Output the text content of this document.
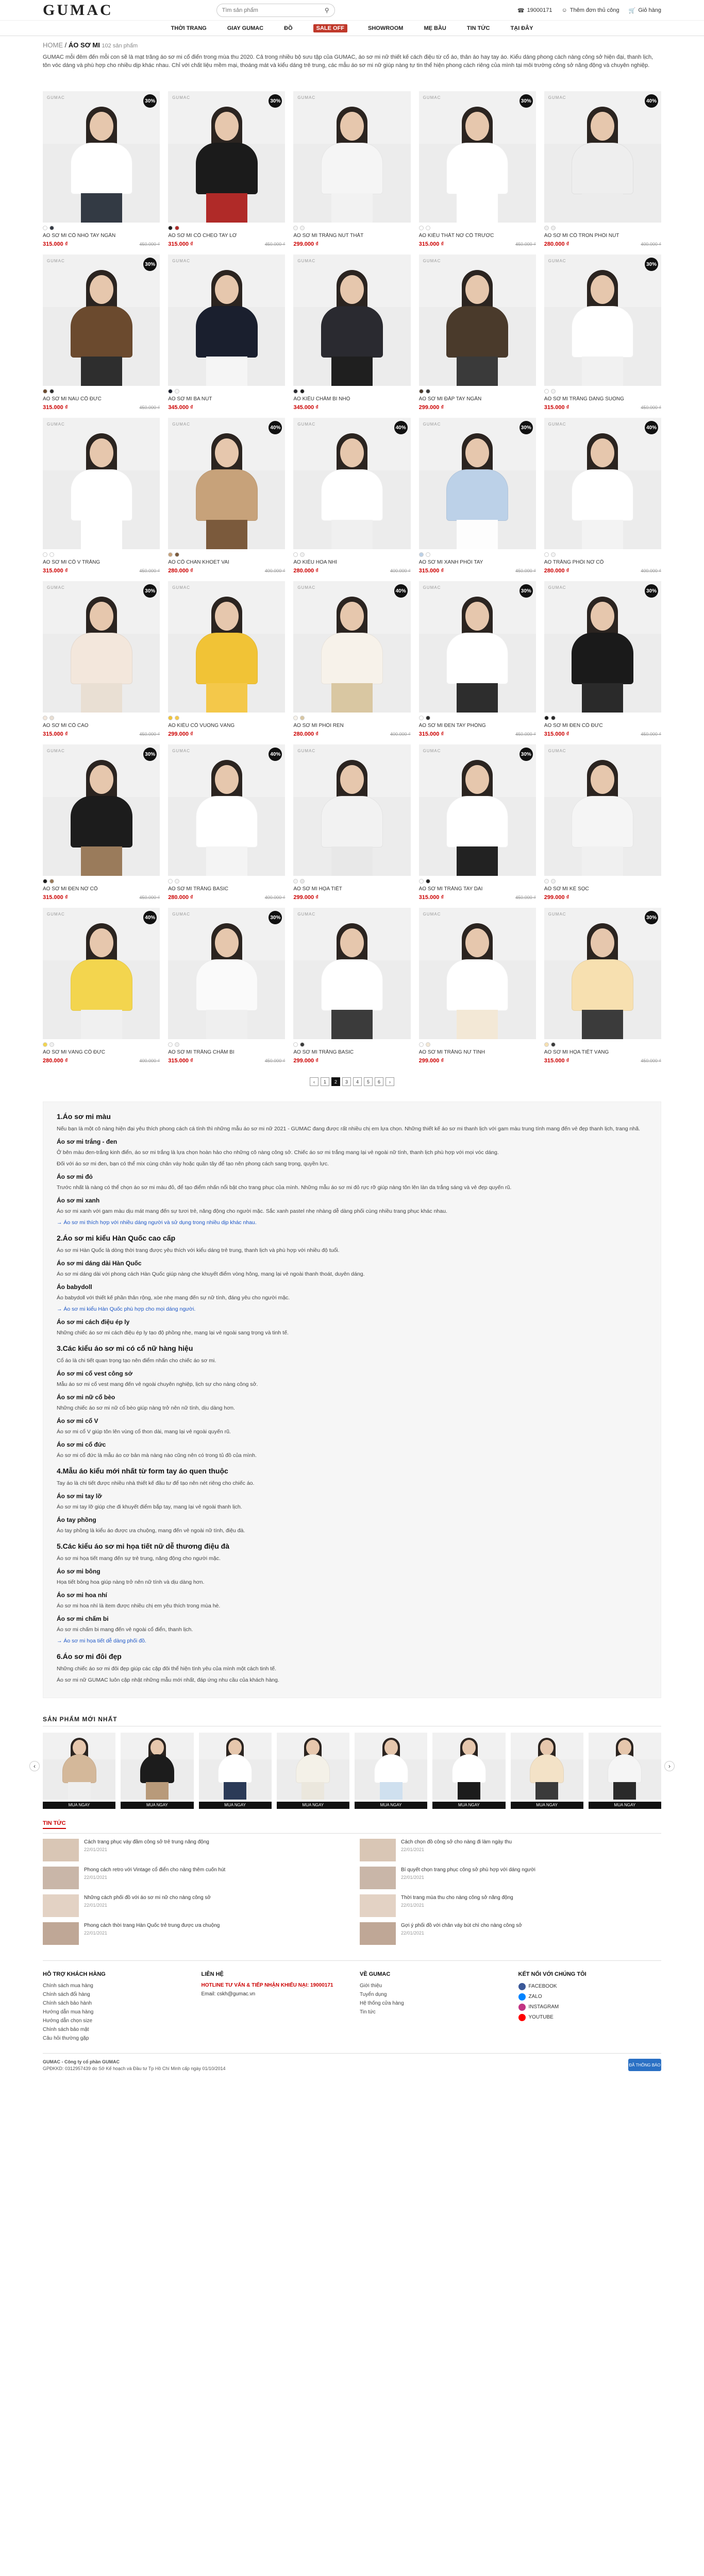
GUMAC
Tìm sản phẩm	⚲	☎ 19000171 ☺ Thêm đơn thủ công 🛒 Giỏ hàng
THỜI TRANG	GIAY GUMAC	ĐỒ	SALE OFF	SHOWROOM	MẸ BẦU	TIN TỨC	TẠI ĐÂY
HOME / ÁO SƠ MI 102 sản phẩm

GUMAC mỗi đêm đến mỗi con sẽ là mạt trăng áo sơ mi cổ điển trong mùa thu 2020. Cả trong nhiều bộ sưu tập của GUMAC, áo sơ mi nữ thiết kế cách điệu từ cổ áo, thân áo hay tay áo. Kiểu dáng phong cách nàng công sở hiện đại, thanh lịch, tôn vóc dáng và phù hợp cho nhiều dịp khác nhau. Chỉ với chất liệu mềm mại, thoáng mát và kiểu dáng trẻ trung, các mẫu áo sơ mi nữ giúp nàng tự tin thể hiện phong cách riêng của mình tại môi trường công sở năng động và chuyên nghiệp.

GUMAC
30%
ÁO SƠ MI CỔ NHỎ TAY NGẮN
315.000 ₫	450.000 ₫
GUMAC
30%
ÁO SƠ MI CỔ CHÉO TAY LỠ
315.000 ₫	450.000 ₫
GUMAC
ÁO SƠ MI TRẮNG NÚT THẮT
299.000 ₫
GUMAC
30%
ÁO KIỂU THẮT NƠ CỔ TRƯỚC
315.000 ₫	450.000 ₫
GUMAC
40%
ÁO SƠ MI CỔ TRÒN PHỐI NÚT
280.000 ₫	400.000 ₫
GUMAC
30%
ÁO SƠ MI NÂU CỔ ĐỨC
315.000 ₫	450.000 ₫
GUMAC
ÁO SƠ MI BA NÚT
345.000 ₫
GUMAC
ÁO KIỂU CHẤM BI NHỎ
345.000 ₫
GUMAC
ÁO SƠ MI ĐẮP TAY NGẮN
299.000 ₫
GUMAC
30%
ÁO SƠ MI TRẮNG DÁNG SUÔNG
315.000 ₫	450.000 ₫
GUMAC
ÁO SƠ MI CỔ V TRẮNG
315.000 ₫	450.000 ₫
GUMAC
40%
ÁO CỔ CHÂN KHOÉT VAI
280.000 ₫	400.000 ₫
GUMAC
40%
ÁO KIỂU HOA NHÍ
280.000 ₫	400.000 ₫
GUMAC
30%
ÁO SƠ MI XANH PHỐI TAY
315.000 ₫	450.000 ₫
GUMAC
40%
ÁO TRẮNG PHỐI NƠ CỔ
280.000 ₫	400.000 ₫
GUMAC
30%
ÁO SƠ MI CỔ CAO
315.000 ₫	450.000 ₫
GUMAC
ÁO KIỂU CỔ VUÔNG VÀNG
299.000 ₫
GUMAC
40%
ÁO SƠ MI PHỐI REN
280.000 ₫	400.000 ₫
GUMAC
30%
ÁO SƠ MI ĐEN TAY PHỒNG
315.000 ₫	450.000 ₫
GUMAC
30%
ÁO SƠ MI ĐEN CỔ ĐỨC
315.000 ₫	450.000 ₫
GUMAC
30%
ÁO SƠ MI ĐEN NƠ CỔ
315.000 ₫	450.000 ₫
GUMAC
40%
ÁO SƠ MI TRẮNG BASIC
280.000 ₫	400.000 ₫
GUMAC
ÁO SƠ MI HỌA TIẾT
299.000 ₫
GUMAC
30%
ÁO SƠ MI TRẮNG TAY DÀI
315.000 ₫	450.000 ₫
GUMAC
ÁO SƠ MI KẺ SỌC
299.000 ₫
GUMAC
40%
ÁO SƠ MI VÀNG CỔ ĐỨC
280.000 ₫	400.000 ₫
GUMAC
30%
ÁO SƠ MI TRẮNG CHẤM BI
315.000 ₫	450.000 ₫
GUMAC
ÁO SƠ MI TRẮNG BASIC
299.000 ₫
GUMAC
ÁO SƠ MI TRẮNG NỮ TÍNH
299.000 ₫
GUMAC
30%
ÁO SƠ MI HỌA TIẾT VÀNG
315.000 ₫	450.000 ₫
‹	1	2	3	4	5	6	›
1.Áo sơ mi màu

Nếu bạn là một cô nàng hiện đại yêu thích phong cách cá tính thì những mẫu áo sơ mi nữ 2021 - GUMAC đang được rất nhiều chị em lựa chọn. Những thiết kế áo sơ mi thanh lịch với gam màu trung tính mang đến vẻ đẹp thanh lịch, trang nhã.

Áo sơ mi trắng - đen

Ở bên màu đen-trắng kinh điển, áo sơ mi trắng là lựa chọn hoàn hảo cho những cô nàng công sở. Chiếc áo sơ mi trắng mang lại vẻ ngoài nữ tính, thanh lịch phù hợp với mọi vóc dáng.

Đối với áo sơ mi đen, bạn có thể mix cùng chân váy hoặc quần tây để tạo nên phong cách sang trọng, quyền lực.

Áo sơ mi đỏ

Trước nhất là nàng có thể chọn áo sơ mi màu đỏ, để tạo điểm nhấn nổi bật cho trang phục của mình. Những mẫu áo sơ mi đỏ rực rỡ giúp nàng tôn lên làn da trắng sáng và vẻ đẹp quyến rũ.

Áo sơ mi xanh

Áo sơ mi xanh với gam màu dịu mát mang đến sự tươi trẻ, năng động cho người mặc. Sắc xanh pastel nhẹ nhàng dễ dàng phối cùng nhiều trang phục khác nhau.

→ Áo sơ mi thích hợp với nhiều dáng người và sử dụng trong nhiều dịp khác nhau.

2.Áo sơ mi kiểu Hàn Quốc cao cấp

Áo sơ mi Hàn Quốc là dòng thời trang được yêu thích với kiểu dáng trẻ trung, thanh lịch và phù hợp với nhiều độ tuổi.

Áo sơ mi dáng dài Hàn Quốc

Áo sơ mi dáng dài với phong cách Hàn Quốc giúp nàng che khuyết điểm vòng hông, mang lại vẻ ngoài thanh thoát, duyên dáng.

Áo babydoll

Áo babydoll với thiết kế phần thân rộng, xòe nhẹ mang đến sự nữ tính, đáng yêu cho người mặc.

→ Áo sơ mi kiểu Hàn Quốc phù hợp cho mọi dáng người.

Áo sơ mi cách điệu ép ly

Những chiếc áo sơ mi cách điệu ép ly tạo độ phồng nhẹ, mang lại vẻ ngoài sang trọng và tinh tế.

3.Các kiểu áo sơ mi có cổ nữ hàng hiệu

Cổ áo là chi tiết quan trọng tạo nên điểm nhấn cho chiếc áo sơ mi.

Áo sơ mi cổ vest công sở

Mẫu áo sơ mi cổ vest mang đến vẻ ngoài chuyên nghiệp, lịch sự cho nàng công sở.

Áo sơ mi nữ cổ bèo

Những chiếc áo sơ mi nữ cổ bèo giúp nàng trở nên nữ tính, dịu dàng hơn.

Áo sơ mi cổ V

Áo sơ mi cổ V giúp tôn lên vùng cổ thon dài, mang lại vẻ ngoài quyến rũ.

Áo sơ mi cổ đức

Áo sơ mi cổ đức là mẫu áo cơ bản mà nàng nào cũng nên có trong tủ đồ của mình.

4.Mẫu áo kiểu mới nhất từ form tay áo quen thuộc

Tay áo là chi tiết được nhiều nhà thiết kế đầu tư để tạo nên nét riêng cho chiếc áo.

Áo sơ mi tay lỡ

Áo sơ mi tay lỡ giúp che đi khuyết điểm bắp tay, mang lại vẻ ngoài thanh lịch.

Áo tay phồng

Áo tay phồng là kiểu áo được ưa chuộng, mang đến vẻ ngoài nữ tính, điệu đà.

5.Các kiểu áo sơ mi họa tiết nữ dễ thương điệu đà

Áo sơ mi họa tiết mang đến sự trẻ trung, năng động cho người mặc.

Áo sơ mi bông

Họa tiết bông hoa giúp nàng trở nên nữ tính và dịu dàng hơn.

Áo sơ mi hoa nhí

Áo sơ mi hoa nhí là item được nhiều chị em yêu thích trong mùa hè.

Áo sơ mi chấm bi

Áo sơ mi chấm bi mang đến vẻ ngoài cổ điển, thanh lịch.

→ Áo sơ mi họa tiết dễ dàng phối đồ.

6.Áo sơ mi đôi đẹp

Những chiếc áo sơ mi đôi đẹp giúp các cặp đôi thể hiện tình yêu của mình một cách tinh tế.

Áo sơ mi nữ GUMAC luôn cập nhật những mẫu mới nhất, đáp ứng nhu cầu của khách hàng.

SẢN PHẨM MỚI NHẤT
‹	›
MUA NGAY	MUA NGAY	MUA NGAY	MUA NGAY	MUA NGAY	MUA NGAY	MUA NGAY	MUA NGAY
TIN TỨC
Cách trang phục váy đầm công sở trẻ trung năng động
22/01/2021
Phong cách retro với Vintage cổ điển cho nàng thêm cuốn hút
22/01/2021
Những cách phối đồ với áo sơ mi nữ cho nàng công sở
22/01/2021
Phong cách thời trang Hàn Quốc trẻ trung được ưa chuộng
22/01/2021
Cách chọn đồ công sở cho nàng đi làm ngày thu
22/01/2021
Bí quyết chọn trang phục công sở phù hợp với dáng người
22/01/2021
Thời trang mùa thu cho nàng công sở năng động
22/01/2021
Gợi ý phối đồ với chân váy bút chì cho nàng công sở
22/01/2021
HỖ TRỢ KHÁCH HÀNG
Chính sách mua hàng
Chính sách đổi hàng
Chính sách bảo hành
Hướng dẫn mua hàng
Hướng dẫn chọn size
Chính sách bảo mật
Câu hỏi thường gặp
LIÊN HỆ
HOTLINE TƯ VẤN & TIẾP NHẬN KHIẾU NẠI: 19000171
Email: cskh@gumac.vn
VỀ GUMAC
Giới thiệu
Tuyển dụng
Hệ thống cửa hàng
Tin tức
KẾT NỐI VỚI CHÚNG TÔI
FACEBOOK
ZALO
INSTAGRAM
YOUTUBE
ĐÃ THÔNG BÁO
GUMAC - Công ty cổ phần GUMAC
GPĐKKD: 0312957439 do Sở Kế hoạch và Đầu tư Tp Hồ Chí Minh cấp ngày 01/10/2014
